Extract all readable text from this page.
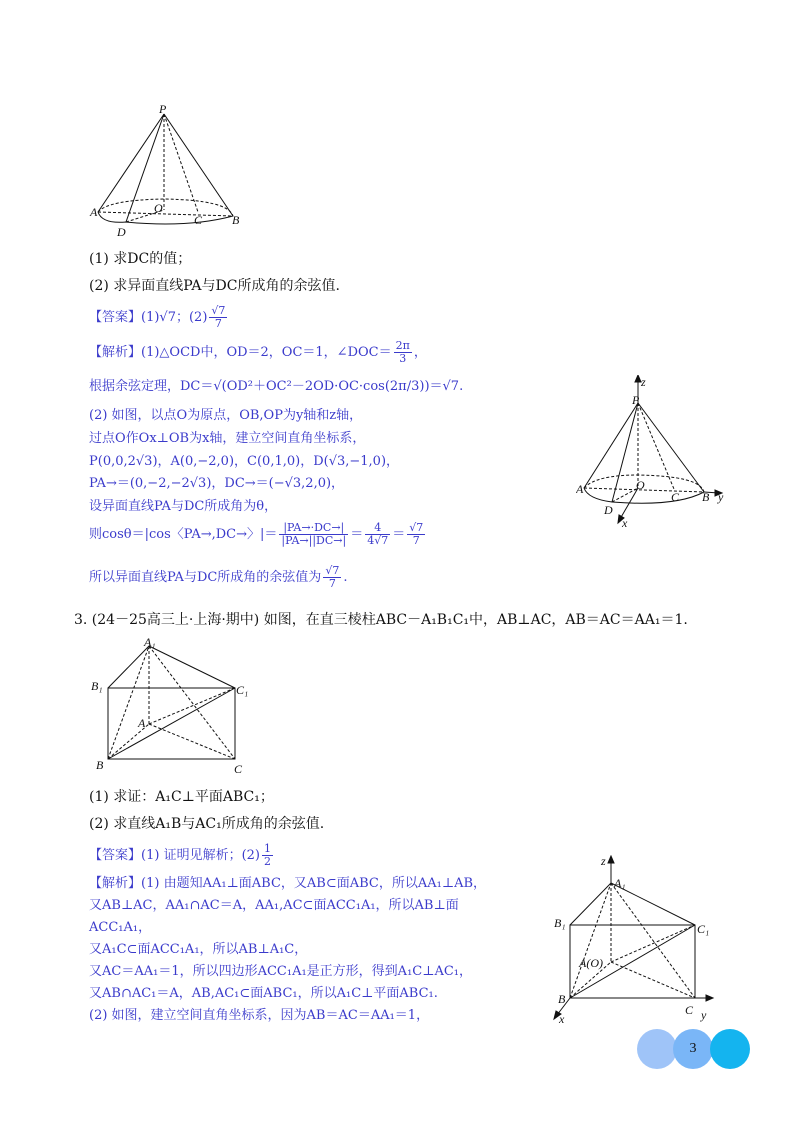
P
A
B
C
D
O
(1) 求DC的值；
(2) 求异面直线PA与DC所成角的余弦值.
【答案】(1)√7；$(2) \frac{√7}{7}$
【解析】(1)△OCD中，OD＝2，OC＝1，∠DOC＝ $\frac{2\pi}{3}$ ，
根据余弦定理，DC＝√(OD²＋OC²－2OD·OC·cos(2π/3))＝√7.
(2) 如图，以点O为原点，OB,OP为y轴和z轴，
过点O作Ox⊥OB为x轴，建立空间直角坐标系，
P(0,0,2√3)，A(0,−2,0)，C(0,1,0)，D(√3,−1,0)，
PA→＝(0,−2,−2√3)，DC→＝(−√3,2,0)，
设异面直线PA与DC所成角为θ，
则cosθ＝|cos〈PA→,DC→〉|＝ $\frac{|PA\to\cdot DC\to|}{|PA\to||DC\to|} = \frac{4}{4√7} = \frac{√7}{7}$
所以异面直线PA与DC所成角的余弦值为 $\frac{√7}{7}$ .
z
P
A
B y
C
D
O
x
3. (24－25高三上·上海·期中) 如图，在直三棱柱ABC－A₁B₁C₁中，AB⊥AC，AB＝AC＝AA₁＝1.
A₁
B₁	C₁
A
B	C
(1) 求证：A₁C⊥平面ABC₁；
(2) 求直线A₁B与AC₁所成角的余弦值.
【答案】(1) 证明见解析；$(2) \frac{1}{2}$
【解析】(1) 由题知AA₁⊥面ABC，又AB⊂面ABC，所以AA₁⊥AB，
又AB⊥AC，AA₁∩AC＝A，AA₁,AC⊂面ACC₁A₁，所以AB⊥面
ACC₁A₁，
又A₁C⊂面ACC₁A₁，所以AB⊥A₁C，
又AC＝AA₁＝1，所以四边形ACC₁A₁是正方形，得到A₁C⊥AC₁，
又AB∩AC₁＝A，AB,AC₁⊂面ABC₁，所以A₁C⊥平面ABC₁.
(2) 如图，建立空间直角坐标系，因为AB＝AC＝AA₁＝1，
z
A₁
B₁	C₁
A(O)
B
C y
x
3
